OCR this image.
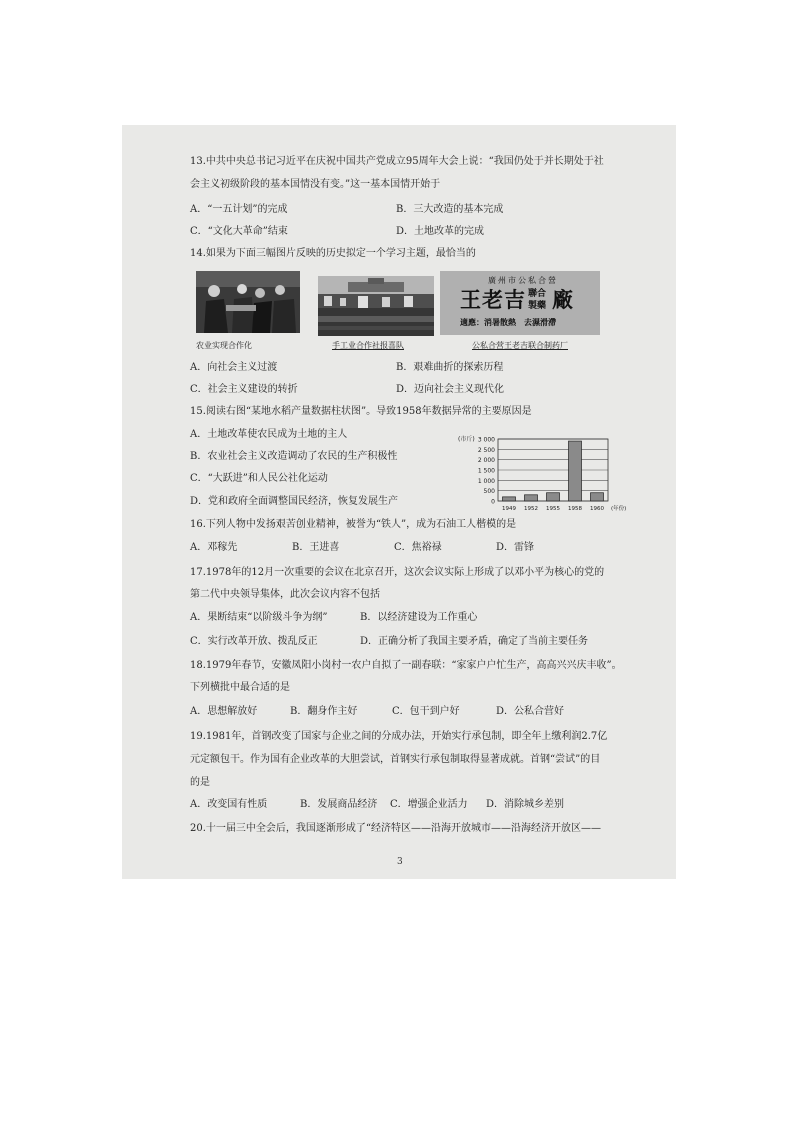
13.中共中央总书记习近平在庆祝中国共产党成立95周年大会上说：“我国仍处于并长期处于社
会主义初级阶段的基本国情没有变。”这一基本国情开始于
A．“一五计划”的完成	B．三大改造的基本完成
C．“文化大革命”结束	D．土地改革的完成
14.如果为下面三幅图片反映的历史拟定一个学习主题，最恰当的
廣州市公私合營
王老吉 聯合
製藥 廠
適應：消暑散熱　去濕滑滯
农业实现合作化	手工业合作社报喜队	公私合营王老吉联合制药厂
A．向社会主义过渡	B．艰难曲折的探索历程
C．社会主义建设的转折	D．迈向社会主义现代化
15.阅读右图“某地水稻产量数据柱状图”。导致1958年数据异常的主要原因是
A．土地改革使农民成为土地的主人
B．农业社会主义改造调动了农民的生产积极性
C．“大跃进”和人民公社化运动
D．党和政府全面调整国民经济，恢复发展生产
3 000
2 500
2 000
1 500
1 000
500
0
(市斤)
1949 1952 1955 1958 1960 (年份)
16.下列人物中发扬艰苦创业精神，被誉为“铁人”，成为石油工人楷模的是
A．邓稼先	B．王进喜	C．焦裕禄	D．雷锋
17.1978年的12月一次重要的会议在北京召开，这次会议实际上形成了以邓小平为核心的党的
第二代中央领导集体，此次会议内容不包括
A．果断结束“以阶级斗争为纲”	B．以经济建设为工作重心
C．实行改革开放、拨乱反正	D．正确分析了我国主要矛盾，确定了当前主要任务
18.1979年春节，安徽凤阳小岗村一农户自拟了一副春联：“家家户户忙生产，高高兴兴庆丰收”。
下列横批中最合适的是
A．思想解放好	B．翻身作主好	C．包干到户好	D．公私合营好
19.1981年，首钢改变了国家与企业之间的分成办法，开始实行承包制，即全年上缴利润2.7亿
元定额包干。作为国有企业改革的大胆尝试，首钢实行承包制取得显著成就。首钢“尝试”的目
的是
A．改变国有性质	B．发展商品经济 C．增强企业活力 D．消除城乡差别
20.十一届三中全会后，我国逐渐形成了“经济特区——沿海开放城市——沿海经济开放区——
3
